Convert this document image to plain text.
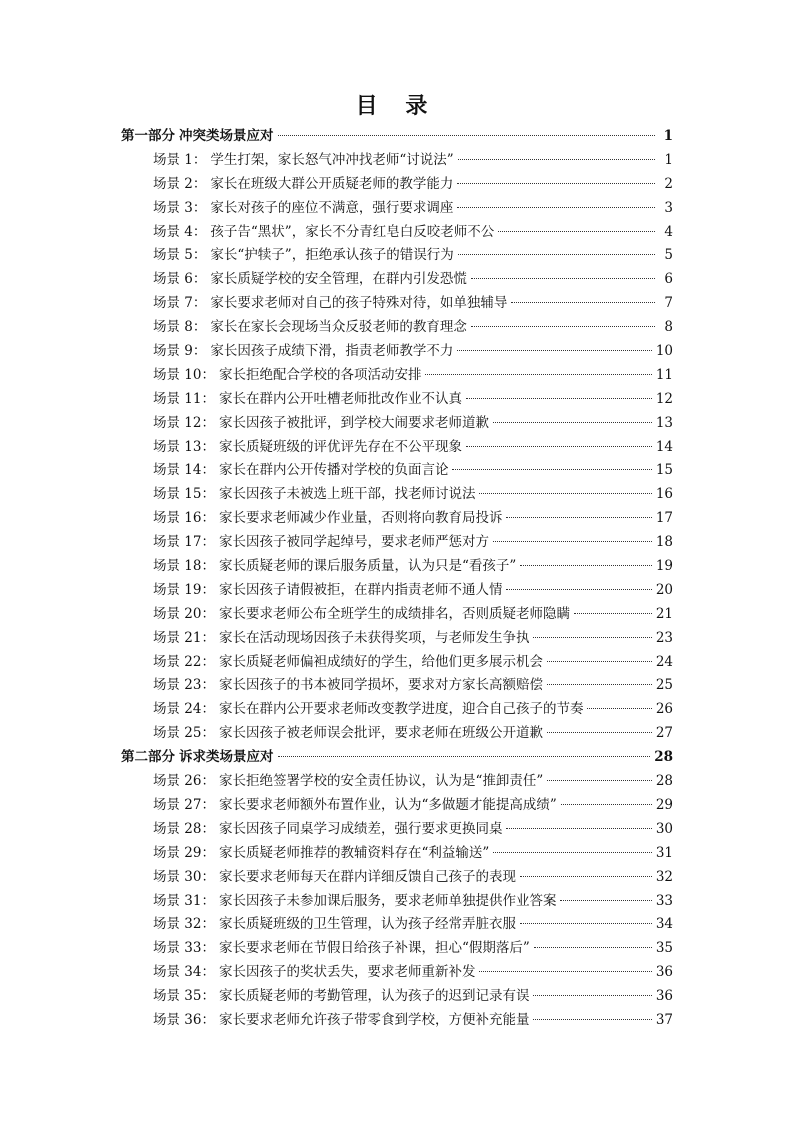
目 录
第一部分 冲突类场景应对	1
场景 1： 学生打架，家长怒气冲冲找老师“讨说法”	1
场景 2： 家长在班级大群公开质疑老师的教学能力	2
场景 3： 家长对孩子的座位不满意，强行要求调座	3
场景 4： 孩子告“黑状”，家长不分青红皂白反咬老师不公	4
场景 5： 家长“护犊子”，拒绝承认孩子的错误行为	5
场景 6： 家长质疑学校的安全管理，在群内引发恐慌	6
场景 7： 家长要求老师对自己的孩子特殊对待，如单独辅导	7
场景 8： 家长在家长会现场当众反驳老师的教育理念	8
场景 9： 家长因孩子成绩下滑，指责老师教学不力	10
场景 10： 家长拒绝配合学校的各项活动安排	11
场景 11： 家长在群内公开吐槽老师批改作业不认真	12
场景 12： 家长因孩子被批评，到学校大闹要求老师道歉	13
场景 13： 家长质疑班级的评优评先存在不公平现象	14
场景 14： 家长在群内公开传播对学校的负面言论	15
场景 15： 家长因孩子未被选上班干部，找老师讨说法	16
场景 16： 家长要求老师减少作业量，否则将向教育局投诉	17
场景 17： 家长因孩子被同学起绰号，要求老师严惩对方	18
场景 18： 家长质疑老师的课后服务质量，认为只是“看孩子”	19
场景 19： 家长因孩子请假被拒，在群内指责老师不通人情	20
场景 20： 家长要求老师公布全班学生的成绩排名，否则质疑老师隐瞒	21
场景 21： 家长在活动现场因孩子未获得奖项，与老师发生争执	23
场景 22： 家长质疑老师偏袒成绩好的学生，给他们更多展示机会	24
场景 23： 家长因孩子的书本被同学损坏，要求对方家长高额赔偿	25
场景 24： 家长在群内公开要求老师改变教学进度，迎合自己孩子的节奏	26
场景 25： 家长因孩子被老师误会批评，要求老师在班级公开道歉	27
第二部分 诉求类场景应对	28
场景 26： 家长拒绝签署学校的安全责任协议，认为是“推卸责任”	28
场景 27： 家长要求老师额外布置作业，认为“多做题才能提高成绩”	29
场景 28： 家长因孩子同桌学习成绩差，强行要求更换同桌	30
场景 29： 家长质疑老师推荐的教辅资料存在“利益输送”	31
场景 30： 家长要求老师每天在群内详细反馈自己孩子的表现	32
场景 31： 家长因孩子未参加课后服务，要求老师单独提供作业答案	33
场景 32： 家长质疑班级的卫生管理，认为孩子经常弄脏衣服	34
场景 33： 家长要求老师在节假日给孩子补课，担心“假期落后”	35
场景 34： 家长因孩子的奖状丢失，要求老师重新补发	36
场景 35： 家长质疑老师的考勤管理，认为孩子的迟到记录有误	36
场景 36： 家长要求老师允许孩子带零食到学校，方便补充能量	37
